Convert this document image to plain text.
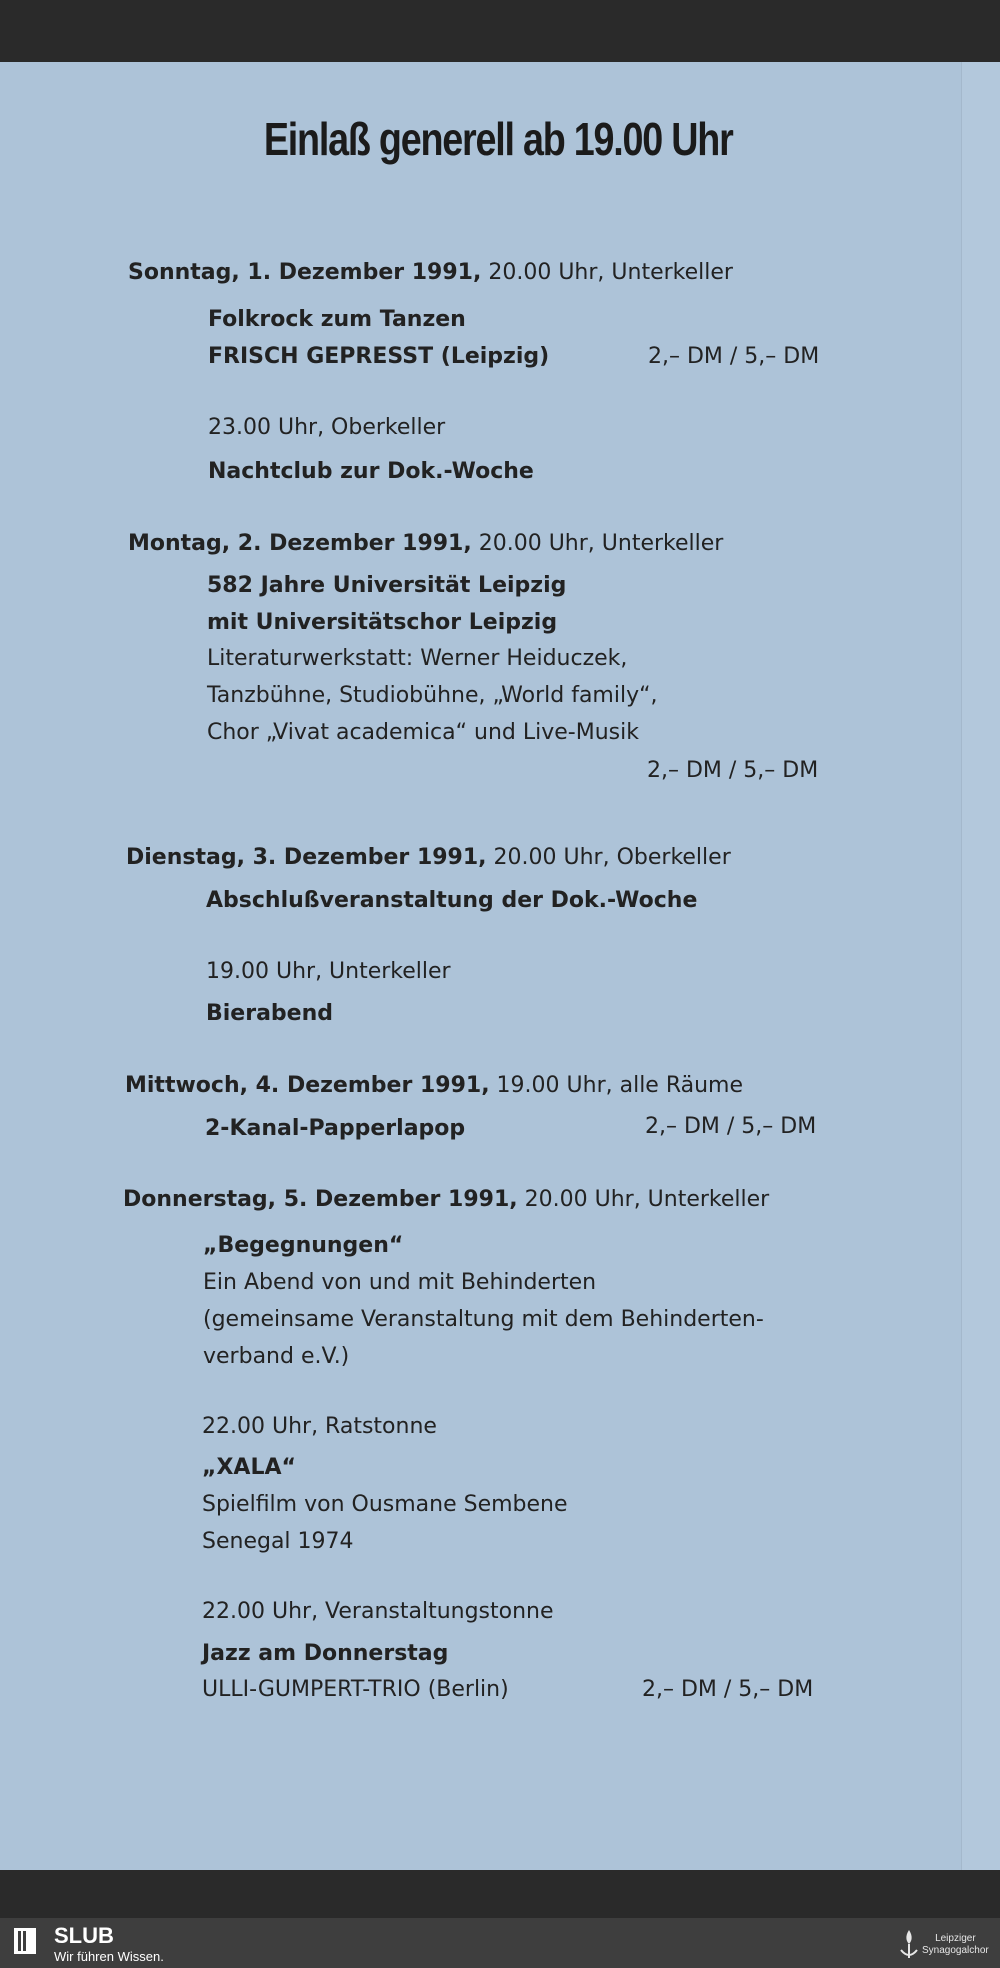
Einlaß generell ab 19.00 Uhr
Sonntag, 1. Dezember 1991, 20.00 Uhr, Unterkeller
Folkrock zum Tanzen
FRISCH GEPRESST (Leipzig)	2,– DM / 5,– DM
23.00 Uhr, Oberkeller
Nachtclub zur Dok.-Woche
Montag, 2. Dezember 1991, 20.00 Uhr, Unterkeller
582 Jahre Universität Leipzig
mit Universitätschor Leipzig
Literaturwerkstatt: Werner Heiduczek,
Tanzbühne, Studiobühne, „World family“,
Chor „Vivat academica“ und Live-Musik
2,– DM / 5,– DM
Dienstag, 3. Dezember 1991, 20.00 Uhr, Oberkeller
Abschlußveranstaltung der Dok.-Woche
19.00 Uhr, Unterkeller
Bierabend
Mittwoch, 4. Dezember 1991, 19.00 Uhr, alle Räume
2-Kanal-Papperlapop	2,– DM / 5,– DM
Donnerstag, 5. Dezember 1991, 20.00 Uhr, Unterkeller
„Begegnungen“
Ein Abend von und mit Behinderten
(gemeinsame Veranstaltung mit dem Behinderten-
verband e.V.)
22.00 Uhr, Ratstonne
„XALA“
Spielfilm von Ousmane Sembene
Senegal 1974
22.00 Uhr, Veranstaltungstonne
Jazz am Donnerstag
ULLI-GUMPERT-TRIO (Berlin)	2,– DM / 5,– DM
SLUB
Wir führen Wissen.
Leipziger
Synagogalchor
